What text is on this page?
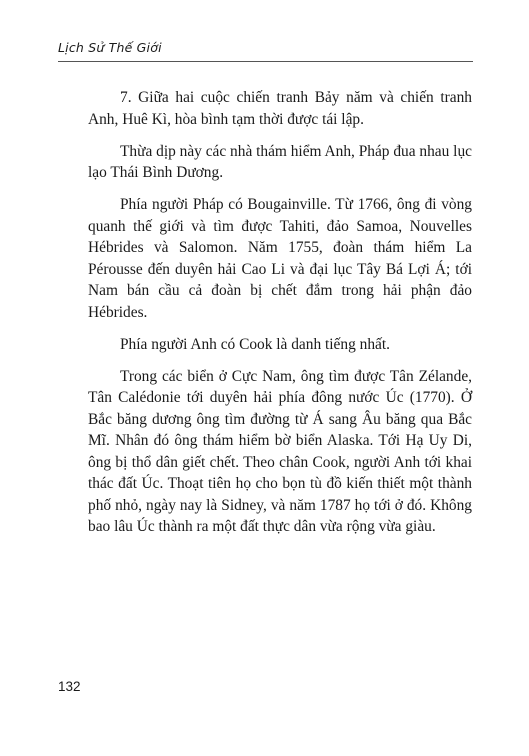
Lịch Sử Thế Giới

7. Giữa hai cuộc chiến tranh Bảy năm và chiến tranh Anh, Huê Kì, hòa bình tạm thời được tái lập.

Thừa dịp này các nhà thám hiểm Anh, Pháp đua nhau lục lạo Thái Bình Dương.

Phía người Pháp có Bougainville. Từ 1766, ông đi vòng quanh thế giới và tìm được Tahiti, đảo Samoa, Nouvelles Hébrides và Salomon. Năm 1755, đoàn thám hiểm La Pérousse đến duyên hải Cao Li và đại lục Tây Bá Lợi Á; tới Nam bán cầu cả đoàn bị chết đắm trong hải phận đảo Hébrides.

Phía người Anh có Cook là danh tiếng nhất.

Trong các biển ở Cực Nam, ông tìm được Tân Zélande, Tân Calédonie tới duyên hải phía đông nước Úc (1770). Ở Bắc băng dương ông tìm đường từ Á sang Âu băng qua Bắc Mĩ. Nhân đó ông thám hiểm bờ biển Alaska. Tới Hạ Uy Di, ông bị thổ dân giết chết. Theo chân Cook, người Anh tới khai thác đất Úc. Thoạt tiên họ cho bọn tù đồ kiến thiết một thành phố nhỏ, ngày nay là Sidney, và năm 1787 họ tới ở đó. Không bao lâu Úc thành ra một đất thực dân vừa rộng vừa giàu.

132
